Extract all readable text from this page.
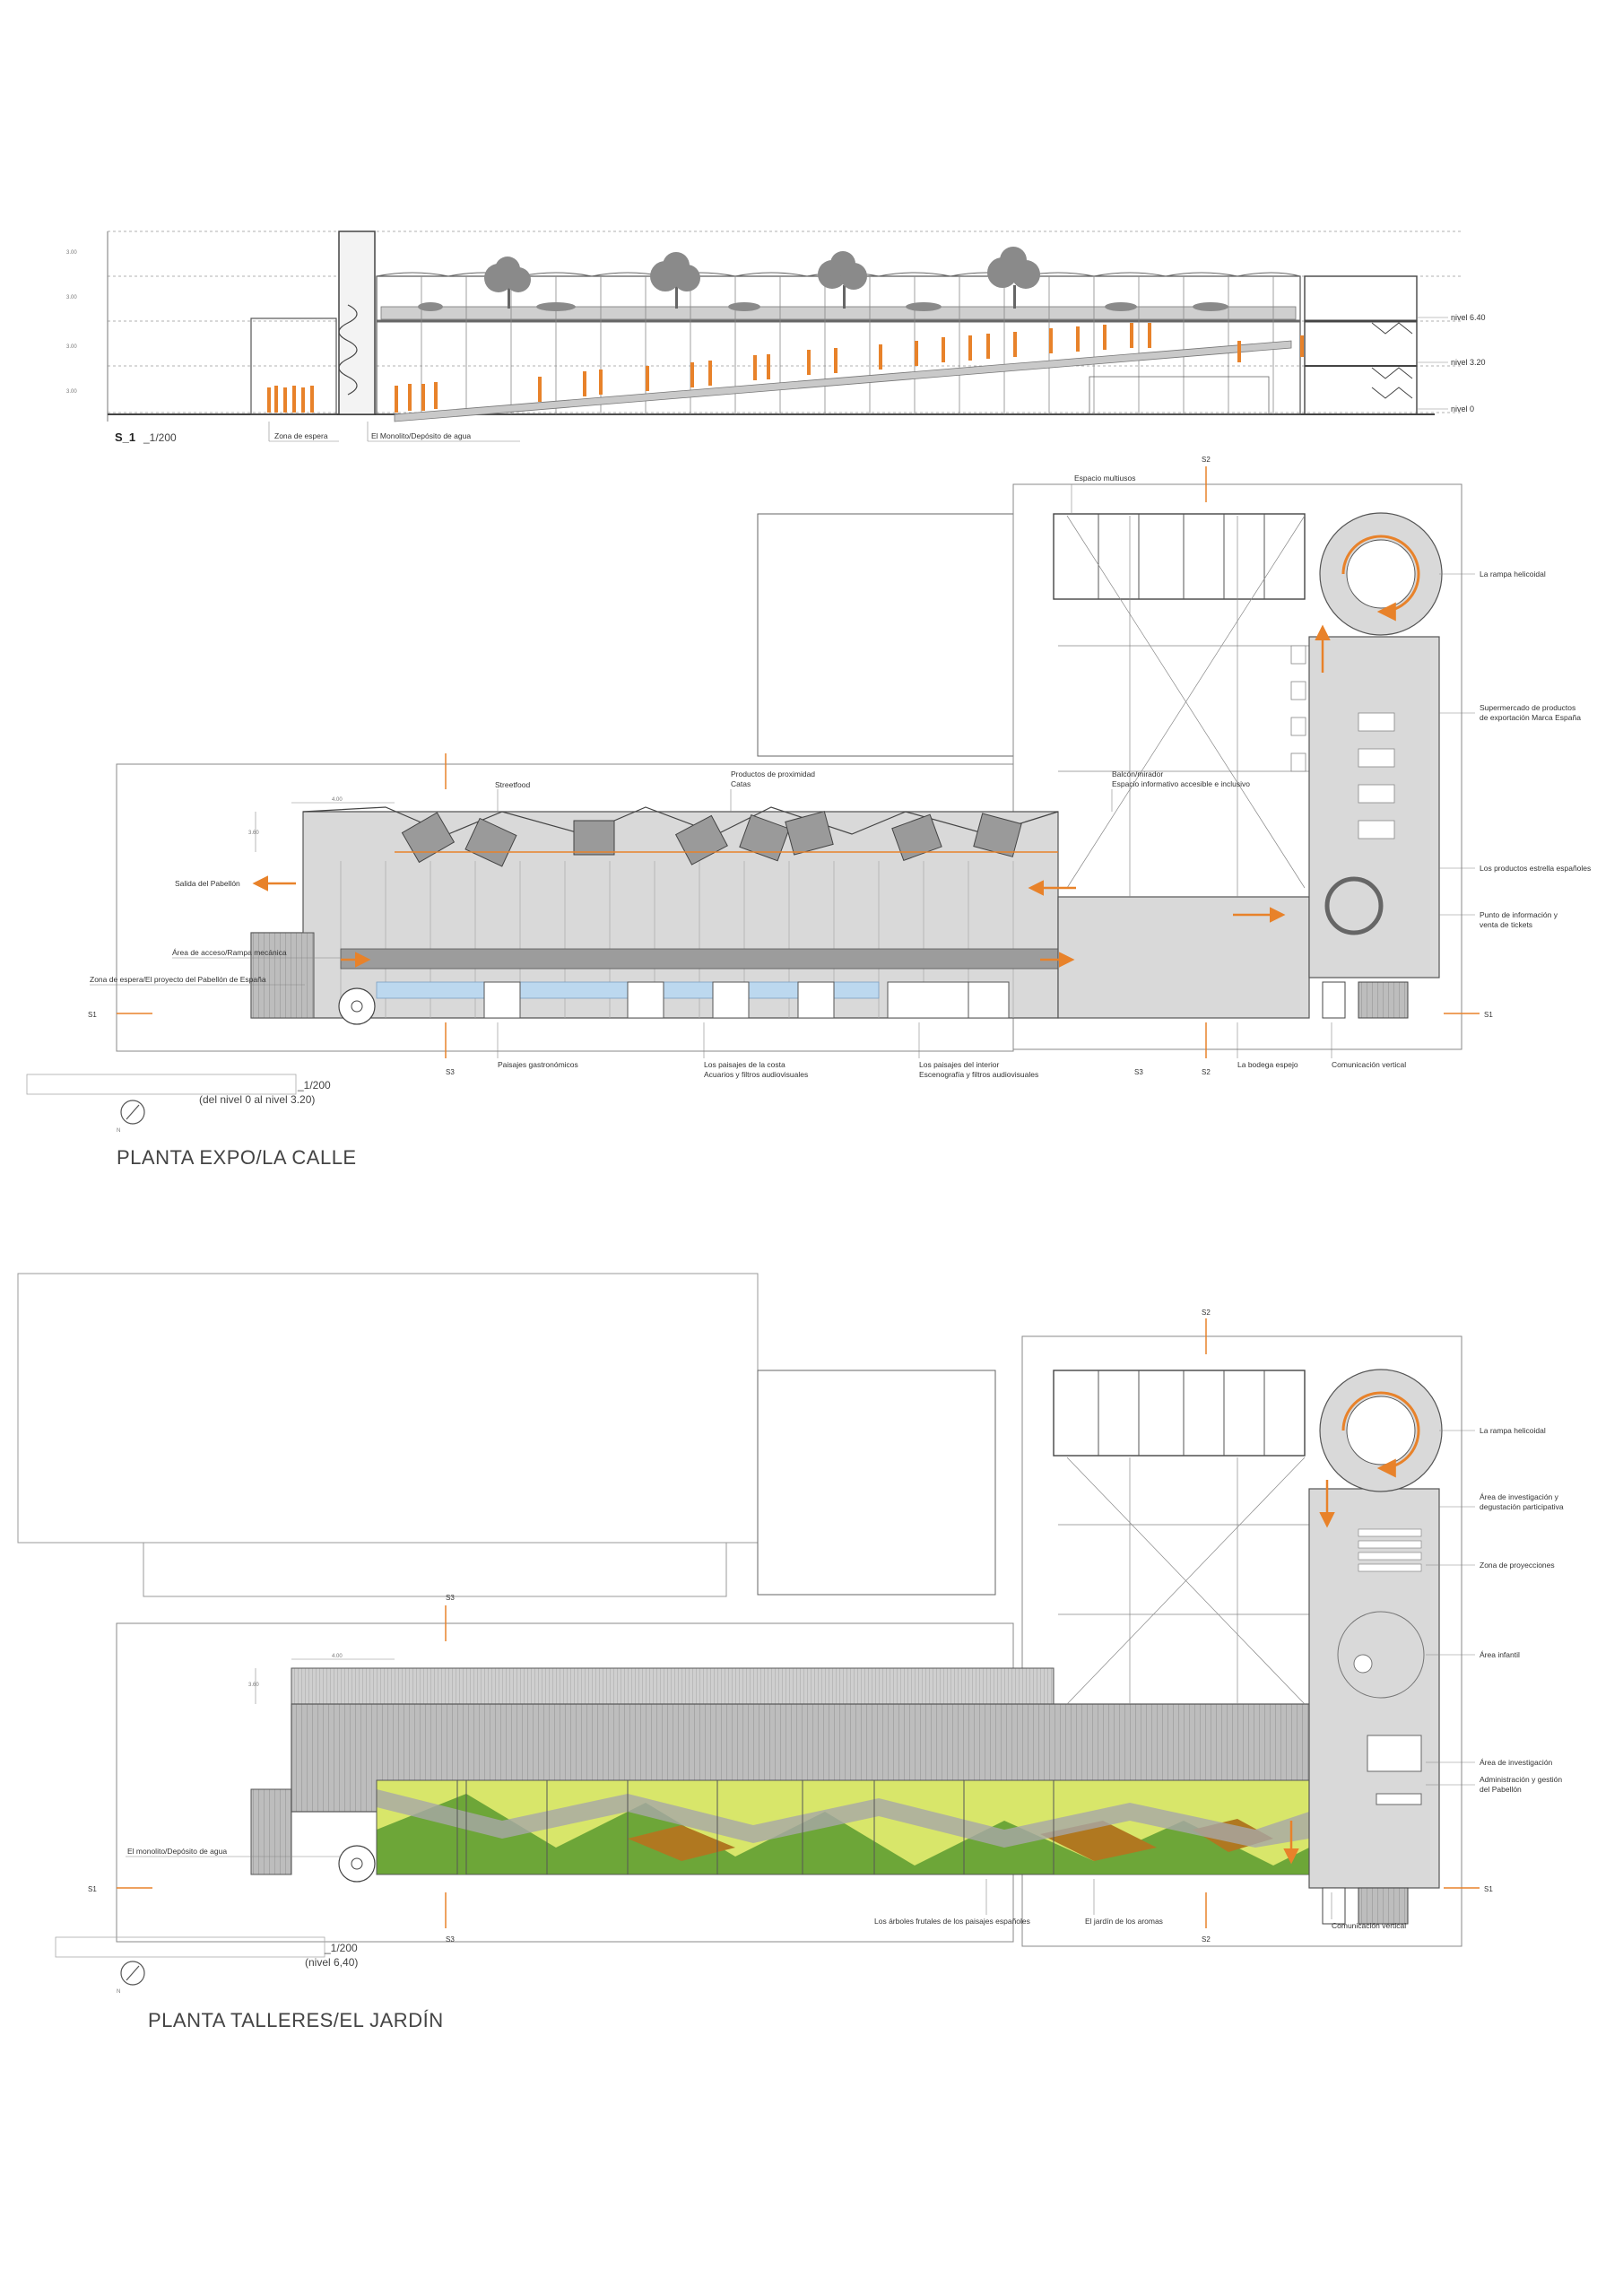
3.00
3.00
3.00
3.00
nivel 6.40
nivel 3.20
nivel 0
Zona de espera	El Monolito/Depósito de agua
S_1 _1/200
S1	S1
S2
S2
S3	S3
4.00
3.60
Espacio multiusos
La rampa helicoidal
Supermercado de productos
de exportación Marca España
Los productos estrella españoles
Punto de información y
venta de tickets
Streetfood
Productos de proximidad
Catas
Balcón/mirador
Espacio informativo accesible e inclusivo
Salida del Pabellón
Área de acceso/Rampa mecánica
Zona de espera/El proyecto del Pabellón de España
Paisajes gastronómicos	Los paisajes de la costa
Acuarios y filtros audiovisuales
Los paisajes del interior
Escenografía y filtros audiovisuales
La bodega espejo	Comunicación vertical
_1/200
(del nivel 0 al nivel 3.20)
N
PLANTA EXPO/LA CALLE
S1	S1
S2
S2
S3
S3
4.00
3.60
La rampa helicoidal
Área de investigación y
degustación participativa
Zona de proyecciones
Área infantil
Área de investigación
Administración y gestión
del Pabellón
El monolito/Depósito de agua
Los árboles frutales de los paisajes españoles	El jardín de los aromas	Comunicación vertical
_1/200
(nivel 6,40)
N
PLANTA TALLERES/EL JARDÍN
